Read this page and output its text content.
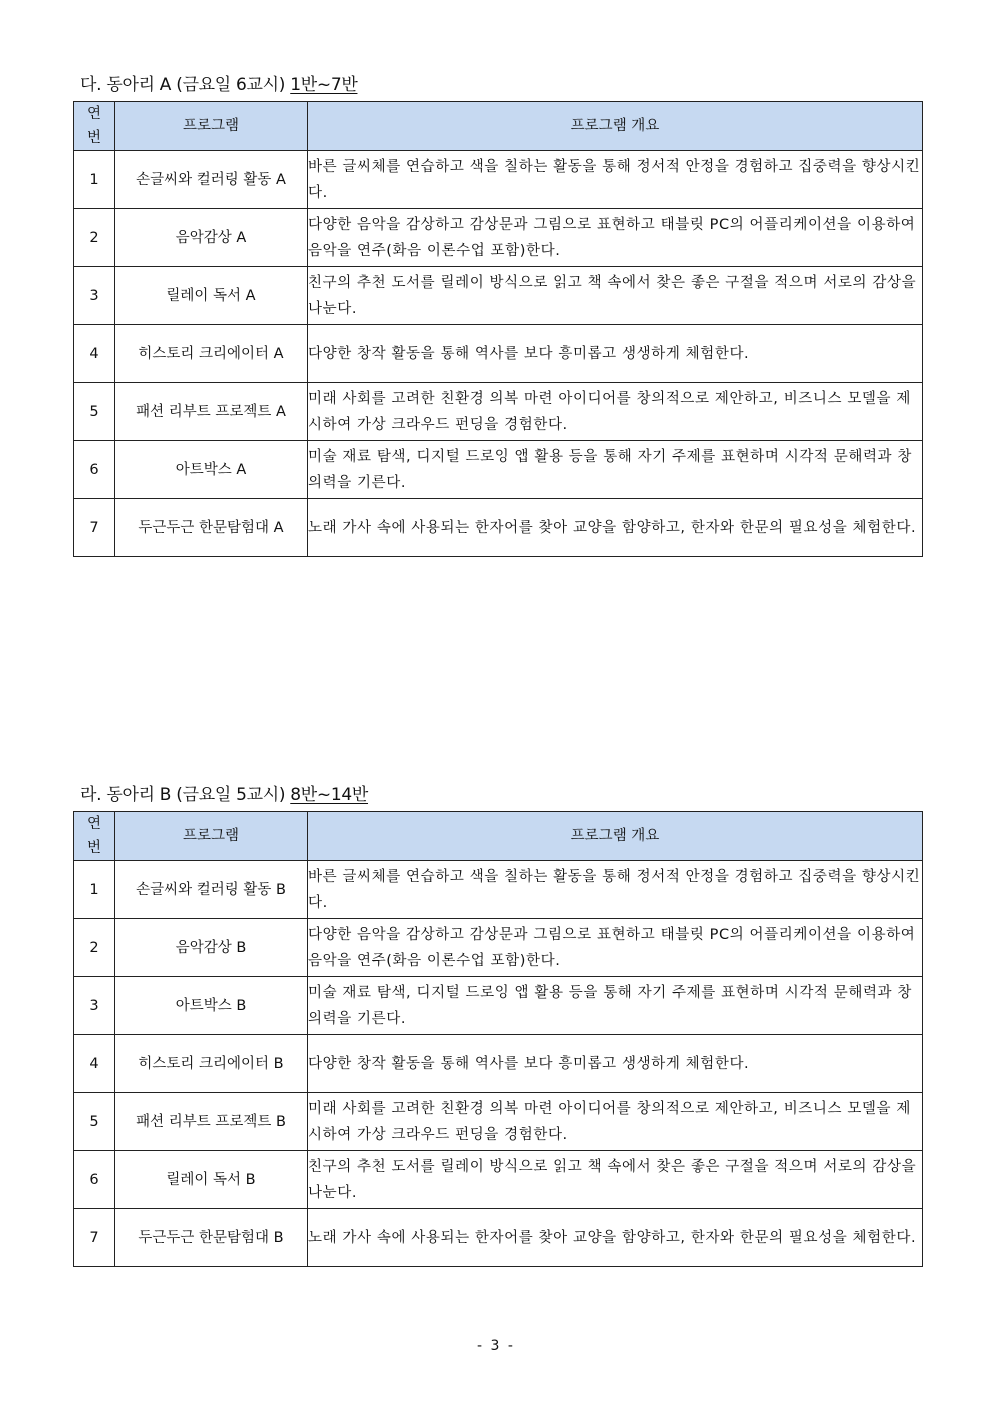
다. 동아리 A (금요일 6교시) 1반~7반
연번	프로그램	프로그램 개요
1	손글씨와 컬러링 활동 A	바른 글씨체를 연습하고 색을 칠하는 활동을 통해 정서적 안정을 경험하고 집중력을 향상시킨다.
2	음악감상 A	다양한 음악을 감상하고 감상문과 그림으로 표현하고 태블릿 PC의 어플리케이션을 이용하여 음악을 연주(화음 이론수업 포함)한다.
3	릴레이 독서 A	친구의 추천 도서를 릴레이 방식으로 읽고 책 속에서 찾은 좋은 구절을 적으며 서로의 감상을 나눈다.
4	히스토리 크리에이터 A	다양한 창작 활동을 통해 역사를 보다 흥미롭고 생생하게 체험한다.
5	패션 리부트 프로젝트 A	미래 사회를 고려한 친환경 의복 마련 아이디어를 창의적으로 제안하고, 비즈니스 모델을 제시하여 가상 크라우드 펀딩을 경험한다.
6	아트박스 A	미술 재료 탐색, 디지털 드로잉 앱 활용 등을 통해 자기 주제를 표현하며 시각적 문해력과 창의력을 기른다.
7	두근두근 한문탐험대 A	노래 가사 속에 사용되는 한자어를 찾아 교양을 함양하고, 한자와 한문의 필요성을 체험한다.
라. 동아리 B (금요일 5교시) 8반~14반
연번	프로그램	프로그램 개요
1	손글씨와 컬러링 활동 B	바른 글씨체를 연습하고 색을 칠하는 활동을 통해 정서적 안정을 경험하고 집중력을 향상시킨다.
2	음악감상 B	다양한 음악을 감상하고 감상문과 그림으로 표현하고 태블릿 PC의 어플리케이션을 이용하여 음악을 연주(화음 이론수업 포함)한다.
3	아트박스 B	미술 재료 탐색, 디지털 드로잉 앱 활용 등을 통해 자기 주제를 표현하며 시각적 문해력과 창의력을 기른다.
4	히스토리 크리에이터 B	다양한 창작 활동을 통해 역사를 보다 흥미롭고 생생하게 체험한다.
5	패션 리부트 프로젝트 B	미래 사회를 고려한 친환경 의복 마련 아이디어를 창의적으로 제안하고, 비즈니스 모델을 제시하여 가상 크라우드 펀딩을 경험한다.
6	릴레이 독서 B	친구의 추천 도서를 릴레이 방식으로 읽고 책 속에서 찾은 좋은 구절을 적으며 서로의 감상을 나눈다.
7	두근두근 한문탐험대 B	노래 가사 속에 사용되는 한자어를 찾아 교양을 함양하고, 한자와 한문의 필요성을 체험한다.
- 3 -
